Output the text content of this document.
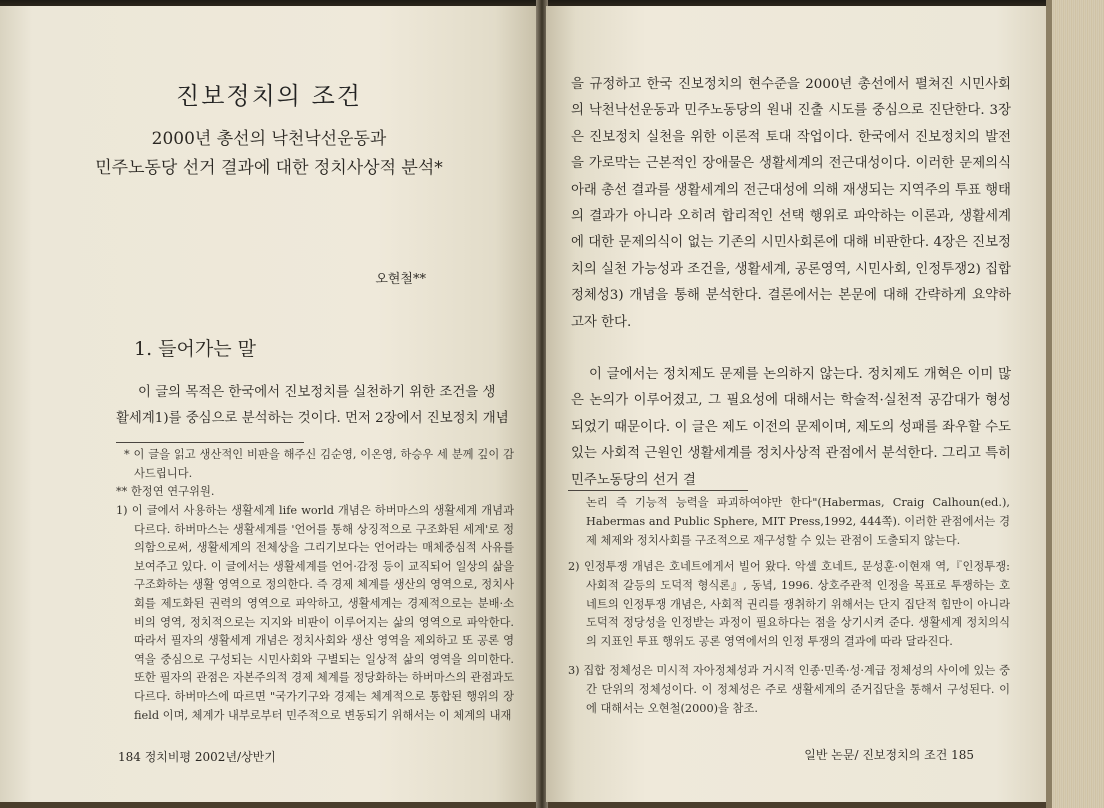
진보정치의 조건
2000년 총선의 낙천낙선운동과
민주노동당 선거 결과에 대한 정치사상적 분석*
오현철**
1. 들어가는 말
이 글의 목적은 한국에서 진보정치를 실천하기 위한 조건을 생
활세계1)를 중심으로 분석하는 것이다. 먼저 2장에서 진보정치 개념
* 이 글을 읽고 생산적인 비판을 해주신 김순영, 이온영, 하승우 세 분께 깊이 감사드립니다.
** 한정연 연구위원.
1) 이 글에서 사용하는 생활세계 life world 개념은 하버마스의 생활세계 개념과 다르다. 하버마스는 생활세계를 '언어를 통해 상징적으로 구조화된 세계'로 정의함으로써, 생활세계의 전체상을 그리기보다는 언어라는 매체중심적 사유를 보여주고 있다. 이 글에서는 생활세계를 언어·감정 등이 교직되어 일상의 삶을 구조화하는 생활 영역으로 정의한다. 즉 경제 체계를 생산의 영역으로, 정치사회를 제도화된 권력의 영역으로 파악하고, 생활세계는 경제적으로는 분배·소비의 영역, 정치적으로는 지지와 비판이 이루어지는 삶의 영역으로 파악한다. 따라서 필자의 생활세계 개념은 정치사회와 생산 영역을 제외하고 또 공론 영역을 중심으로 구성되는 시민사회와 구별되는 일상적 삶의 영역을 의미한다. 또한 필자의 관점은 자본주의적 경제 체계를 정당화하는 하버마스의 관점과도 다르다. 하버마스에 따르면 "국가기구와 경제는 체계적으로 통합된 행위의 장 field 이며, 체계가 내부로부터 민주적으로 변동되기 위해서는 이 체계의 내재
184 정치비평 2002년/상반기

을 규정하고 한국 진보정치의 현수준을 2000년 총선에서 펼쳐진 시민사회의 낙천낙선운동과 민주노동당의 원내 진출 시도를 중심으로 진단한다. 3장은 진보정치 실천을 위한 이론적 토대 작업이다. 한국에서 진보정치의 발전을 가로막는 근본적인 장애물은 생활세계의 전근대성이다. 이러한 문제의식 아래 총선 결과를 생활세계의 전근대성에 의해 재생되는 지역주의 투표 행태의 결과가 아니라 오히려 합리적인 선택 행위로 파악하는 이론과, 생활세계에 대한 문제의식이 없는 기존의 시민사회론에 대해 비판한다. 4장은 진보정치의 실천 가능성과 조건을, 생활세계, 공론영역, 시민사회, 인정투쟁2) 집합 정체성3) 개념을 통해 분석한다. 결론에서는 본문에 대해 간략하게 요약하고자 한다.

이 글에서는 정치제도 문제를 논의하지 않는다. 정치제도 개혁은 이미 많은 논의가 이루어졌고, 그 필요성에 대해서는 학술적·실천적 공감대가 형성되었기 때문이다. 이 글은 제도 이전의 문제이며, 제도의 성패를 좌우할 수도 있는 사회적 근원인 생활세계를 정치사상적 관점에서 분석한다. 그리고 특히 민주노동당의 선거 결

논리 즉 기능적 능력을 파괴하여야만 한다"(Habermas, Craig Calhoun(ed.), Habermas and Public Sphere, MIT Press,1992, 444쪽). 이러한 관점에서는 경제 체제와 정치사회를 구조적으로 재구성할 수 있는 관점이 도출되지 않는다.
2) 인정투쟁 개념은 호네트에게서 빌어 왔다. 악셀 호네트, 문성훈·이현재 역,『인정투쟁: 사회적 갈등의 도덕적 형식론』, 동녘, 1996. 상호주관적 인정을 목표로 투쟁하는 호네트의 인정투쟁 개념은, 사회적 권리를 쟁취하기 위해서는 단지 집단적 힘만이 아니라 도덕적 정당성을 인정받는 과정이 필요하다는 점을 상기시켜 준다. 생활세계 정치의식의 지표인 투표 행위도 공론 영역에서의 인정 투쟁의 결과에 따라 달라진다.
3) 집합 정체성은 미시적 자아정체성과 거시적 인종·민족·성·계급 정체성의 사이에 있는 중간 단위의 정체성이다. 이 정체성은 주로 생활세계의 준거집단을 통해서 구성된다. 이에 대해서는 오현철(2000)을 참조.
일반 논문/ 진보정치의 조건 185
